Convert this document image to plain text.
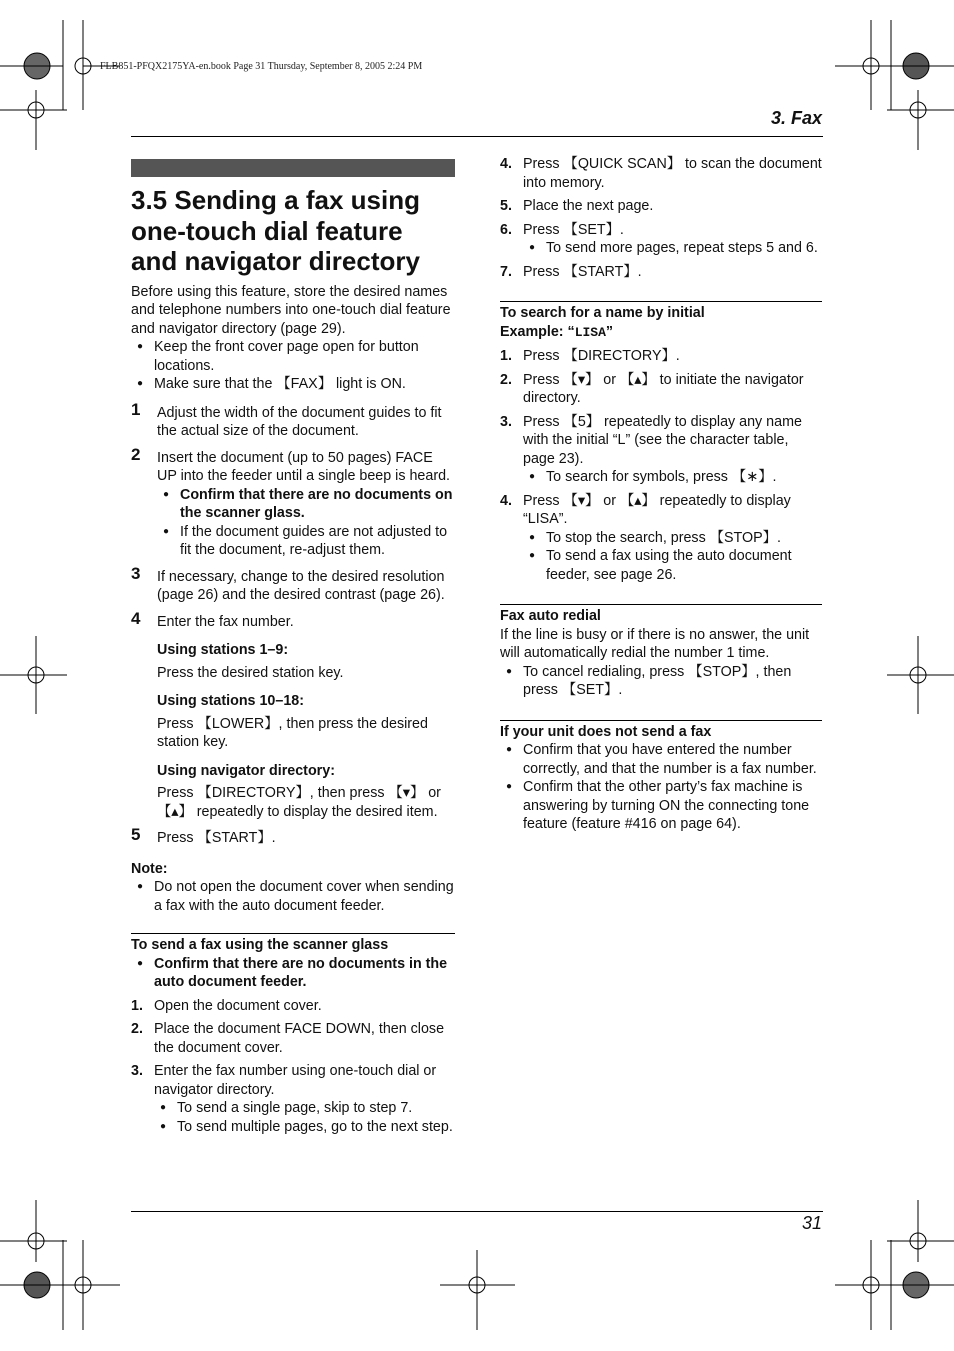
FLB851-PFQX2175YA-en.book Page 31 Thursday, September 8, 2005 2:24 PM
3. Fax
3.5 Sending a fax using one-touch dial feature and navigator directory

Before using this feature, store the desired names and telephone numbers into one-touch dial feature and navigator directory (page 29).

● Keep the front cover page open for button locations.
● Make sure that the 【FAX】 light is ON.
1 Adjust the width of the document guides to fit the actual size of the document.

2 Insert the document (up to 50 pages) FACE UP into the feeder until a single beep is heard.

● Confirm that there are no documents on the scanner glass.
● If the document guides are not adjusted to fit the document, re-adjust them.
3 If necessary, change to the desired resolution (page 26) and the desired contrast (page 26).

4 Enter the fax number.

Using stations 1–9:

Press the desired station key.

Using stations 10–18:

Press 【LOWER】, then press the desired station key.

Using navigator directory:

Press 【DIRECTORY】, then press 【▾】 or 【▴】 repeatedly to display the desired item.

5 Press 【START】.

Note:
● Do not open the document cover when sending a fax with the auto document feeder.
To send a fax using the scanner glass
● Confirm that there are no documents in the auto document feeder.
1. Open the document cover.

2. Place the document FACE DOWN, then close the document cover.

3. Enter the fax number using one-touch dial or navigator directory.

● To send a single page, skip to step 7.
● To send multiple pages, go to the next step.
4. Press 【QUICK SCAN】 to scan the document into memory.

5. Place the next page.

6. Press 【SET】.

● To send more pages, repeat steps 5 and 6.
7. Press 【START】.

To search for a name by initial
Example: “LISA”
1. Press 【DIRECTORY】.

2. Press 【▾】 or 【▴】 to initiate the navigator directory.

3. Press 【5】 repeatedly to display any name with the initial “L” (see the character table, page 23).

● To search for symbols, press 【∗】.
4. Press 【▾】 or 【▴】 repeatedly to display “LISA”.

● To stop the search, press 【STOP】.
● To send a fax using the auto document feeder, see page 26.
Fax auto redial

If the line is busy or if there is no answer, the unit will automatically redial the number 1 time.

● To cancel redialing, press 【STOP】, then press 【SET】.
If your unit does not send a fax
● Confirm that you have entered the number correctly, and that the number is a fax number.
● Confirm that the other party’s fax machine is answering by turning ON the connecting tone feature (feature #416 on page 64).
31
